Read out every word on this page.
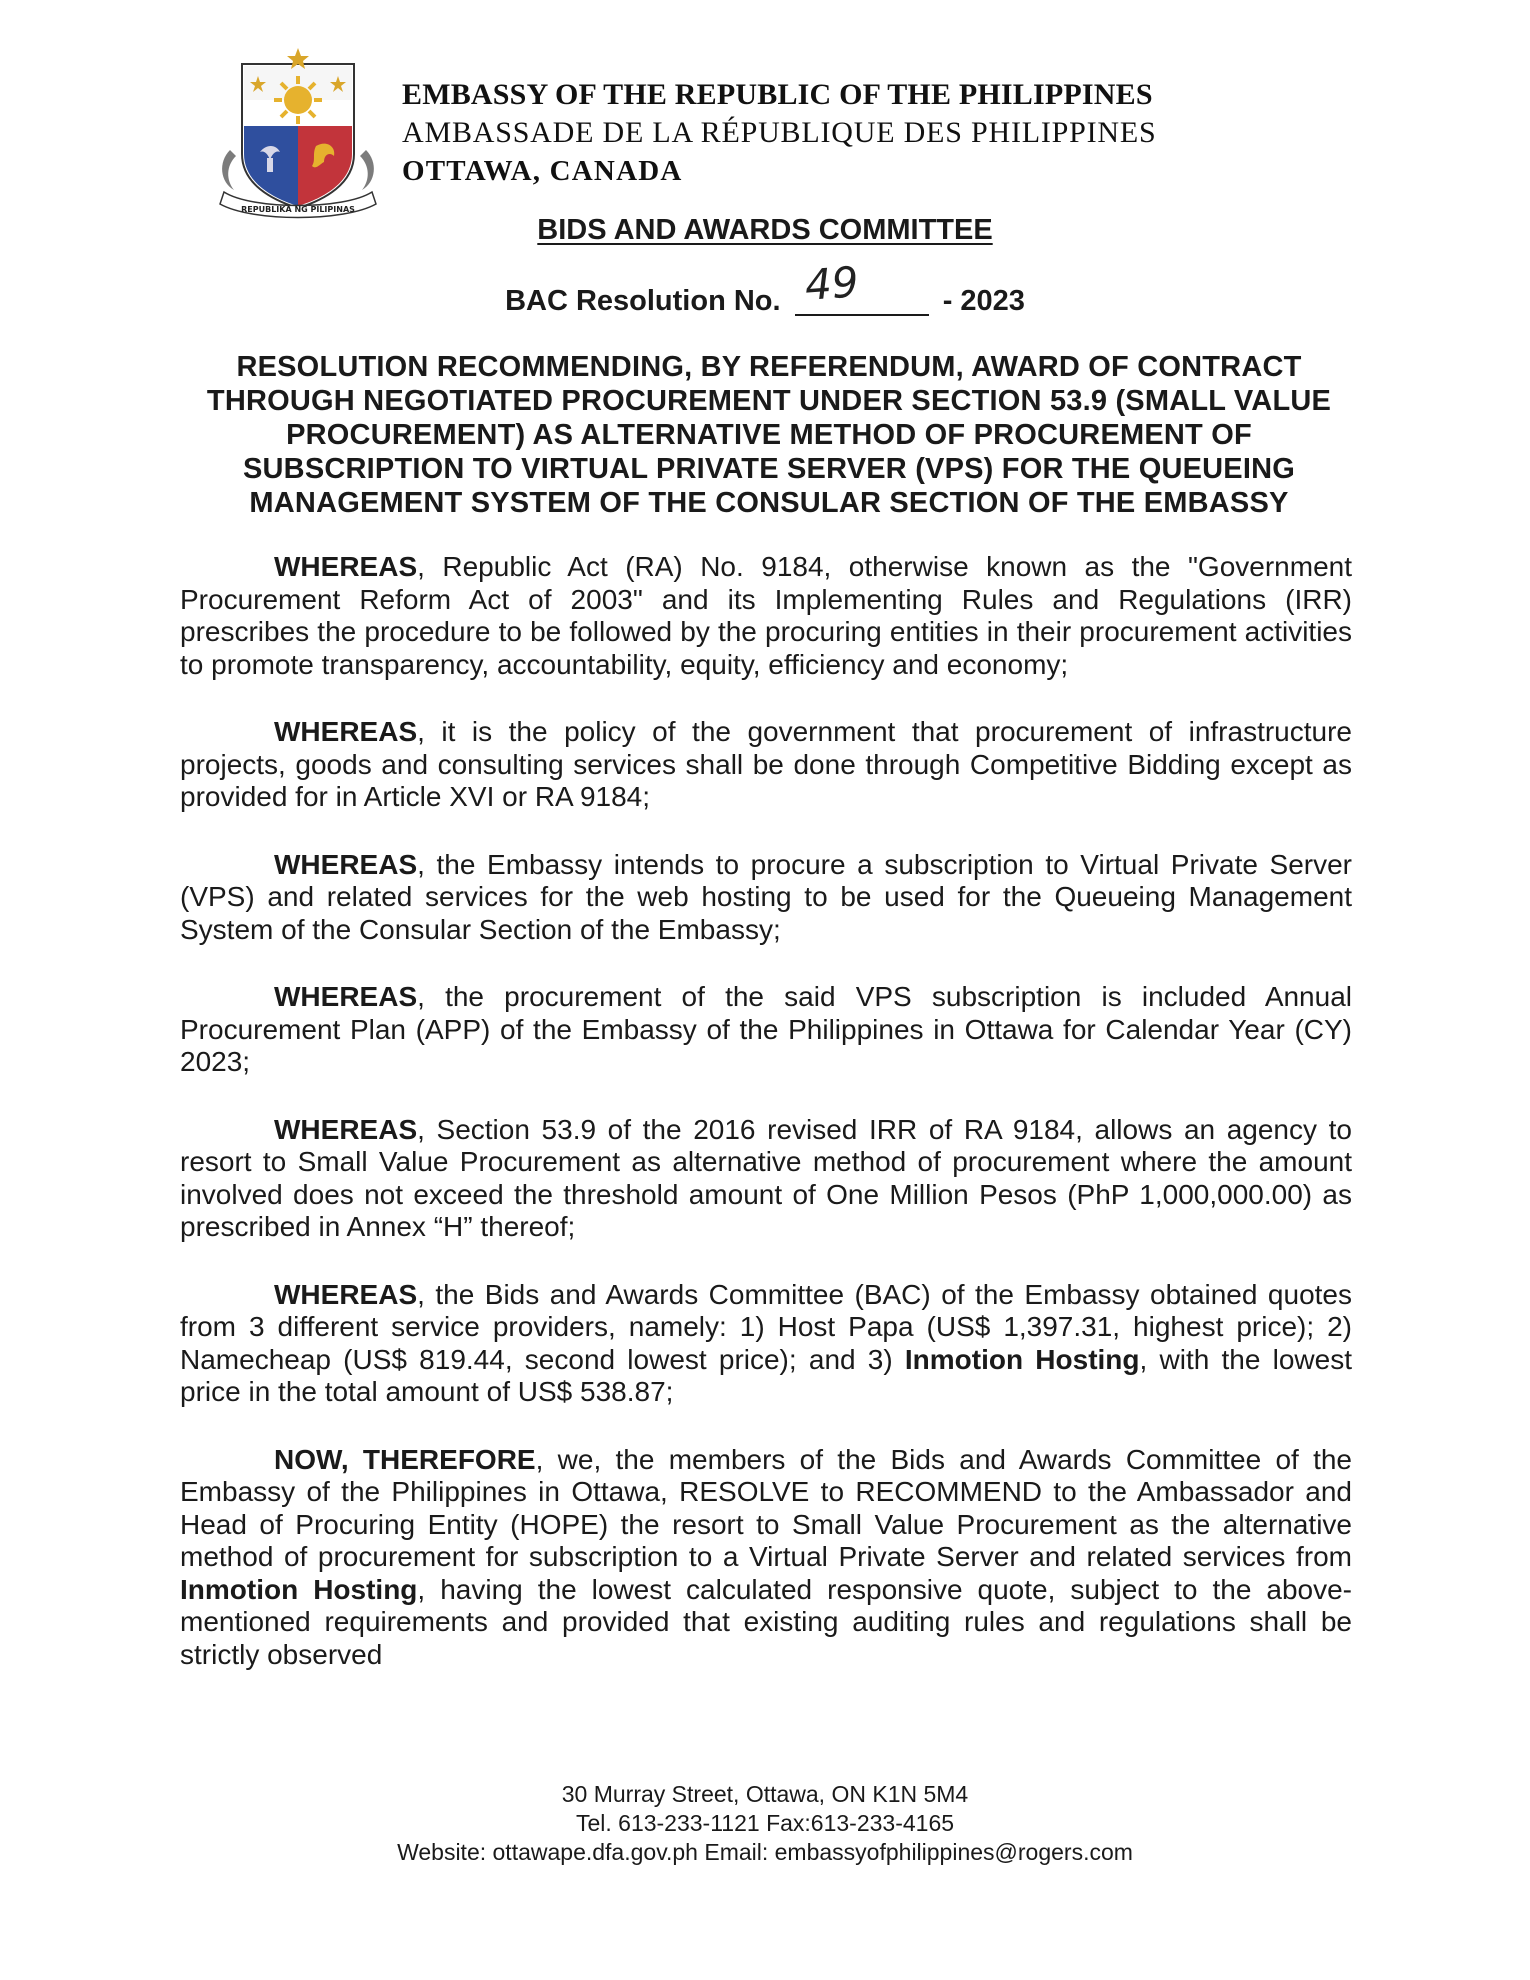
REPUBLIKA NG PILIPINAS
EMBASSY OF THE REPUBLIC OF THE PHILIPPINES
AMBASSADE DE LA RÉPUBLIQUE DES PHILIPPINES
OTTAWA, CANADA
BIDS AND AWARDS COMMITTEE
BAC Resolution No. 49	- 2023
RESOLUTION RECOMMENDING, BY REFERENDUM, AWARD OF CONTRACT THROUGH NEGOTIATED PROCUREMENT UNDER SECTION 53.9 (SMALL VALUE PROCUREMENT) AS ALTERNATIVE METHOD OF PROCUREMENT OF SUBSCRIPTION TO VIRTUAL PRIVATE SERVER (VPS) FOR THE QUEUEING MANAGEMENT SYSTEM OF THE CONSULAR SECTION OF THE EMBASSY

WHEREAS, Republic Act (RA) No. 9184, otherwise known as the "Government Procurement Reform Act of 2003" and its Implementing Rules and Regulations (IRR) prescribes the procedure to be followed by the procuring entities in their procurement activities to promote transparency, accountability, equity, efficiency and economy;

WHEREAS, it is the policy of the government that procurement of infrastructure projects, goods and consulting services shall be done through Competitive Bidding except as provided for in Article XVI or RA 9184;

WHEREAS, the Embassy intends to procure a subscription to Virtual Private Server (VPS) and related services for the web hosting to be used for the Queueing Management System of the Consular Section of the Embassy;

WHEREAS, the procurement of the said VPS subscription is included Annual Procurement Plan (APP) of the Embassy of the Philippines in Ottawa for Calendar Year (CY) 2023;

WHEREAS, Section 53.9 of the 2016 revised IRR of RA 9184, allows an agency to resort to Small Value Procurement as alternative method of procurement where the amount involved does not exceed the threshold amount of One Million Pesos (PhP 1,000,000.00) as prescribed in Annex “H” thereof;

WHEREAS, the Bids and Awards Committee (BAC) of the Embassy obtained quotes from 3 different service providers, namely: 1) Host Papa (US$ 1,397.31, highest price); 2) Namecheap (US$ 819.44, second lowest price); and 3) Inmotion Hosting, with the lowest price in the total amount of US$ 538.87;

NOW, THEREFORE, we, the members of the Bids and Awards Committee of the Embassy of the Philippines in Ottawa, RESOLVE to RECOMMEND to the Ambassador and Head of Procuring Entity (HOPE) the resort to Small Value Procurement as the alternative method of procurement for subscription to a Virtual Private Server and related services from Inmotion Hosting, having the lowest calculated responsive quote, subject to the above-mentioned requirements and provided that existing auditing rules and regulations shall be strictly observed

30 Murray Street, Ottawa, ON K1N 5M4
Tel. 613-233-1121 Fax:613-233-4165
Website: ottawape.dfa.gov.ph Email: embassyofphilippines@rogers.com
